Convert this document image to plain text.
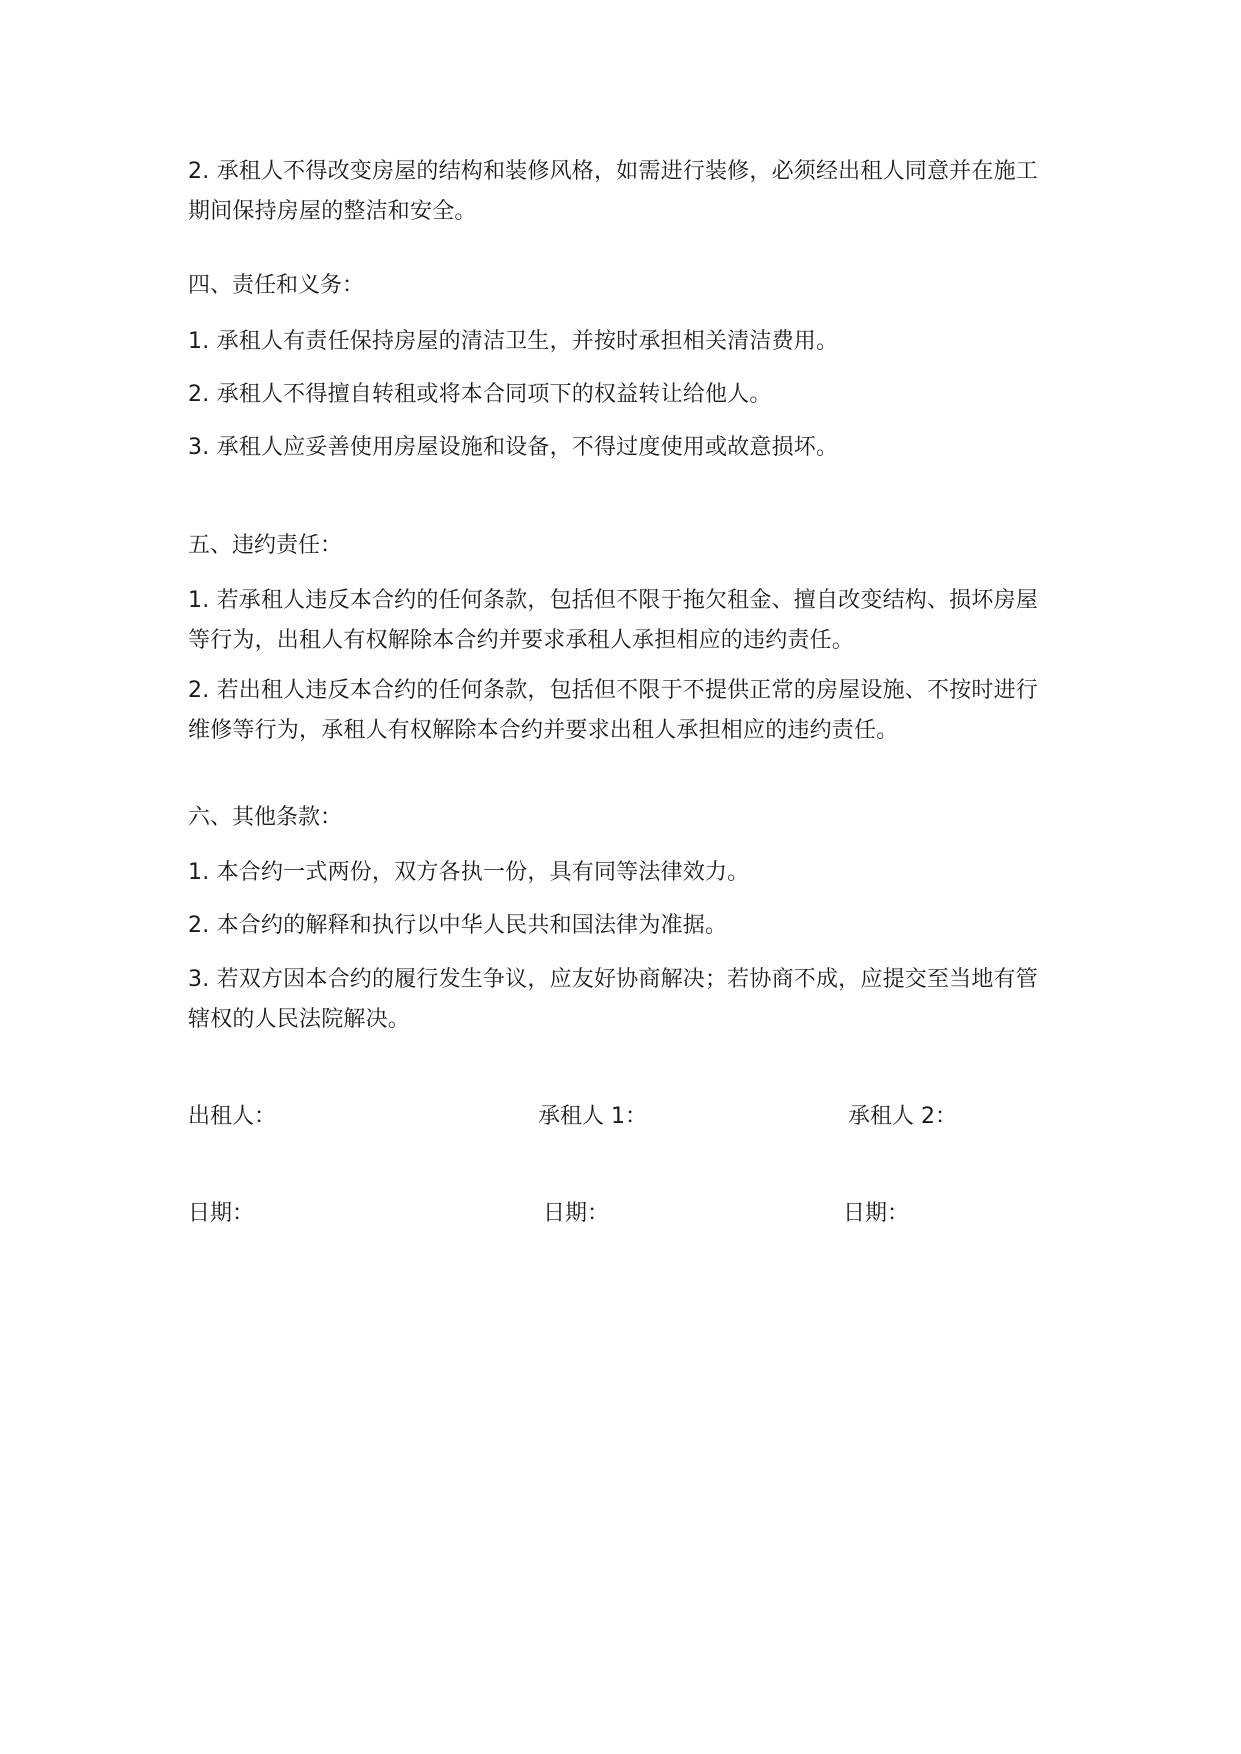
2. 承租人不得改变房屋的结构和装修风格，如需进行装修，必须经出租人同意并在施工期间保持房屋的整洁和安全。

四、责任和义务：

1. 承租人有责任保持房屋的清洁卫生，并按时承担相关清洁费用。

2. 承租人不得擅自转租或将本合同项下的权益转让给他人。

3. 承租人应妥善使用房屋设施和设备，不得过度使用或故意损坏。

五、违约责任：

1. 若承租人违反本合约的任何条款，包括但不限于拖欠租金、擅自改变结构、损坏房屋等行为，出租人有权解除本合约并要求承租人承担相应的违约责任。

2. 若出租人违反本合约的任何条款，包括但不限于不提供正常的房屋设施、不按时进行维修等行为，承租人有权解除本合约并要求出租人承担相应的违约责任。

六、其他条款：

1. 本合约一式两份，双方各执一份，具有同等法律效力。

2. 本合约的解释和执行以中华人民共和国法律为准据。

3. 若双方因本合约的履行发生争议，应友好协商解决；若协商不成，应提交至当地有管辖权的人民法院解决。

出租人：	承租人 1：	承租人 2：

日期：	日期：	日期：
